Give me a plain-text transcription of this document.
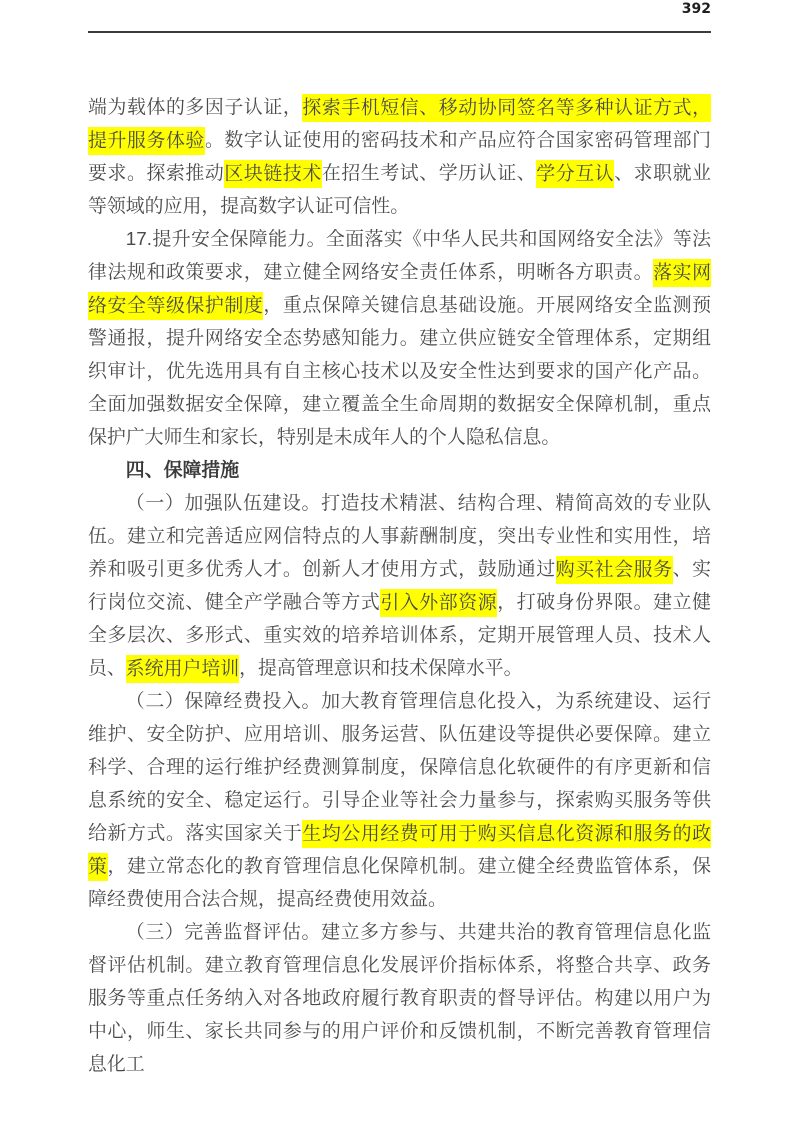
392

端为载体的多因子认证，探索手机短信、移动协同签名等多种认证方式，提升服务体验。数字认证使用的密码技术和产品应符合国家密码管理部门要求。探索推动区块链技术在招生考试、学历认证、学分互认、求职就业等领域的应用，提高数字认证可信性。

17.提升安全保障能力。全面落实《中华人民共和国网络安全法》等法律法规和政策要求，建立健全网络安全责任体系，明晰各方职责。落实网络安全等级保护制度，重点保障关键信息基础设施。开展网络安全监测预警通报，提升网络安全态势感知能力。建立供应链安全管理体系，定期组织审计，优先选用具有自主核心技术以及安全性达到要求的国产化产品。全面加强数据安全保障，建立覆盖全生命周期的数据安全保障机制，重点保护广大师生和家长，特别是未成年人的个人隐私信息。

四、保障措施

（一）加强队伍建设。打造技术精湛、结构合理、精简高效的专业队伍。建立和完善适应网信特点的人事薪酬制度，突出专业性和实用性，培养和吸引更多优秀人才。创新人才使用方式，鼓励通过购买社会服务、实行岗位交流、健全产学融合等方式引入外部资源，打破身份界限。建立健全多层次、多形式、重实效的培养培训体系，定期开展管理人员、技术人员、系统用户培训，提高管理意识和技术保障水平。

（二）保障经费投入。加大教育管理信息化投入，为系统建设、运行维护、安全防护、应用培训、服务运营、队伍建设等提供必要保障。建立科学、合理的运行维护经费测算制度，保障信息化软硬件的有序更新和信息系统的安全、稳定运行。引导企业等社会力量参与，探索购买服务等供给新方式。落实国家关于生均公用经费可用于购买信息化资源和服务的政策，建立常态化的教育管理信息化保障机制。建立健全经费监管体系，保障经费使用合法合规，提高经费使用效益。

（三）完善监督评估。建立多方参与、共建共治的教育管理信息化监督评估机制。建立教育管理信息化发展评价指标体系，将整合共享、政务服务等重点任务纳入对各地政府履行教育职责的督导评估。构建以用户为中心，师生、家长共同参与的用户评价和反馈机制，不断完善教育管理信息化工
